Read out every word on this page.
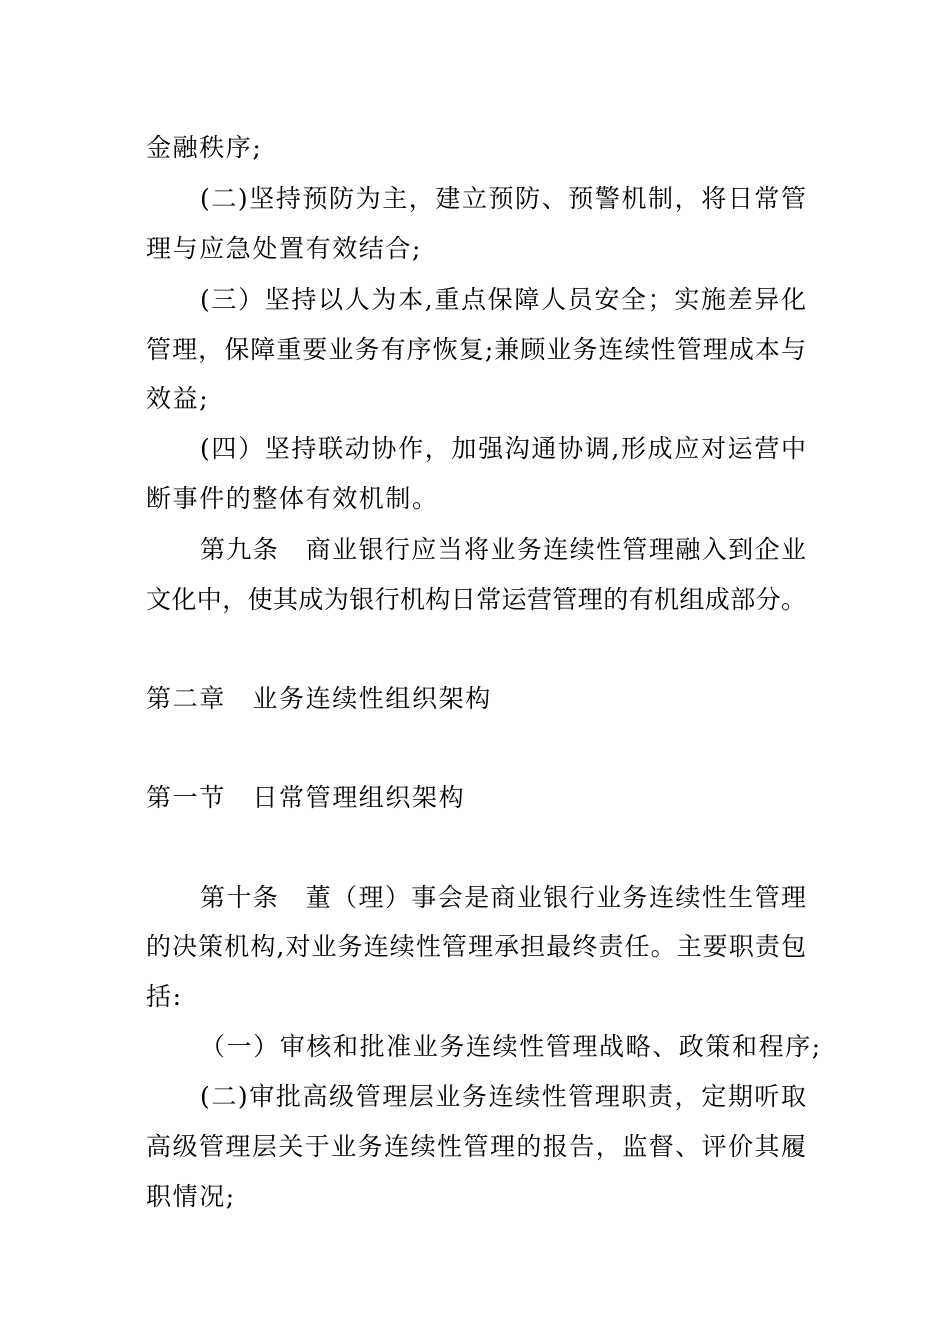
金融秩序;
(二)坚持预防为主，建立预防、预警机制，将日常管
理与应急处置有效结合;
(三）坚持以人为本,重点保障人员安全；实施差异化
管理，保障重要业务有序恢复;兼顾业务连续性管理成本与
效益;
(四）坚持联动协作，加强沟通协调,形成应对运营中
断事件的整体有效机制。
第九条　商业银行应当将业务连续性管理融入到企业
文化中，使其成为银行机构日常运营管理的有机组成部分。
第二章　业务连续性组织架构
第一节　日常管理组织架构
第十条　董（理）事会是商业银行业务连续性生管理
的决策机构,对业务连续性管理承担最终责任。主要职责包
括:
（一）审核和批准业务连续性管理战略、政策和程序;
(二)审批高级管理层业务连续性管理职责，定期听取
高级管理层关于业务连续性管理的报告，监督、评价其履
职情况;
